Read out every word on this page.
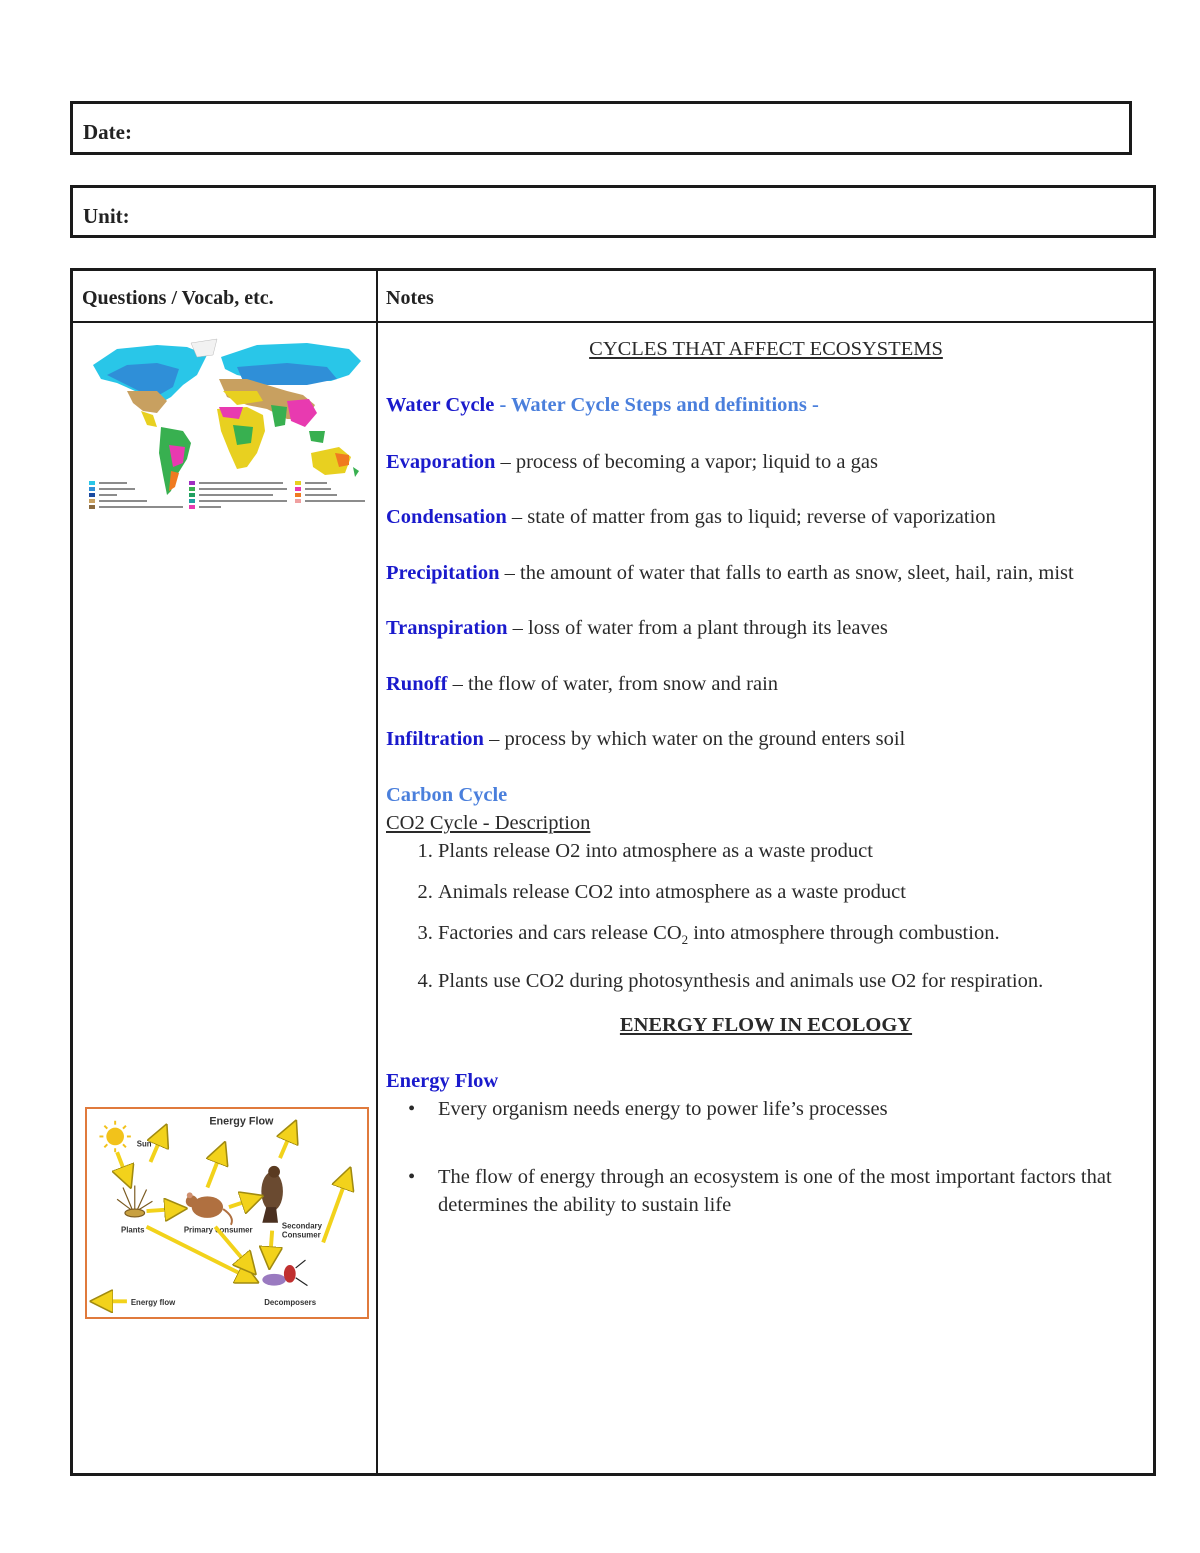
Date:
Unit:
Questions / Vocab, etc.	Notes
Energy Flow
Sun
Plants	Primary consumer	Secondary
Consumer
Decomposers
Energy flow
CYCLES THAT AFFECT ECOSYSTEMS
Water Cycle - Water Cycle Steps and definitions -
Evaporation – process of becoming a vapor; liquid to a gas
Condensation – state of matter from gas to liquid; reverse of vaporization
Precipitation – the amount of water that falls to earth as snow, sleet, hail, rain, mist
Transpiration – loss of water from a plant through its leaves
Runoff – the flow of water, from snow and rain
Infiltration – process by which water on the ground enters soil
Carbon Cycle
CO2 Cycle - Description
1. Plants release O2 into atmosphere as a waste product
2. Animals release CO2 into atmosphere as a waste product
3. Factories and cars release $CO_2$ into atmosphere through combustion.
4. Plants use CO2 during photosynthesis and animals use O2 for respiration.
ENERGY FLOW IN ECOLOGY
Energy Flow
• Every organism needs energy to power life’s processes
• The flow of energy through an ecosystem is one of the most important factors that determines the ability to sustain life
